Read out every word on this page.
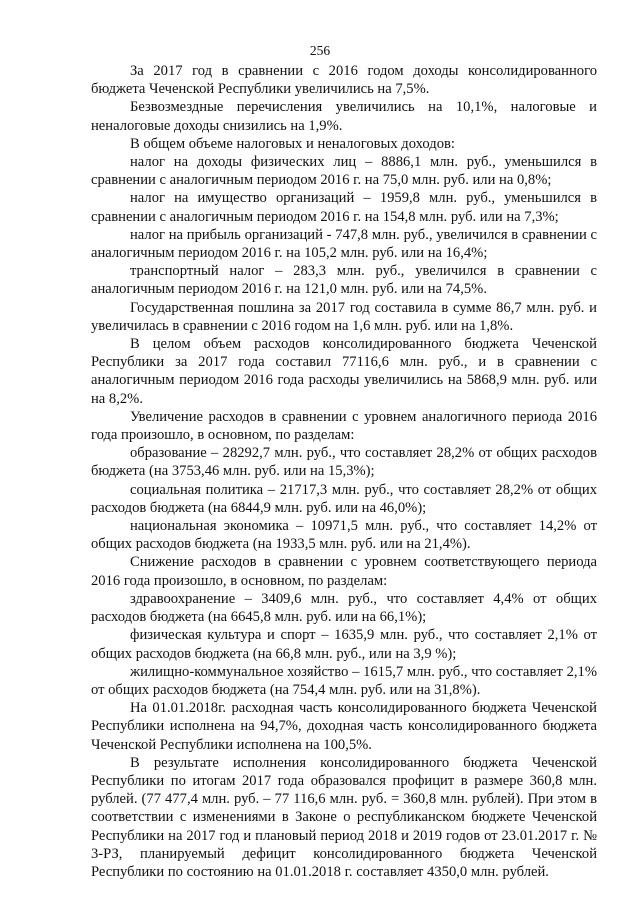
256

За 2017 год в сравнении с 2016 годом доходы консолидированного бюджета Чеченской Республики увеличились на 7,5%.

Безвозмездные перечисления увеличились на 10,1%, налоговые и неналоговые доходы снизились на 1,9%.

В общем объеме налоговых и неналоговых доходов:

налог на доходы физических лиц – 8886,1 млн. руб., уменьшился в сравнении с аналогичным периодом 2016 г. на 75,0 млн. руб. или на 0,8%;

налог на имущество организаций – 1959,8 млн. руб., уменьшился в сравнении с аналогичным периодом 2016 г. на 154,8 млн. руб. или на 7,3%;

налог на прибыль организаций - 747,8 млн. руб., увеличился в сравнении с аналогичным периодом 2016 г. на 105,2 млн. руб. или на 16,4%;

транспортный налог – 283,3 млн. руб., увеличился в сравнении с аналогичным периодом 2016 г. на 121,0 млн. руб. или на 74,5%.

Государственная пошлина за 2017 год составила в сумме 86,7 млн. руб. и увеличилась в сравнении с 2016 годом на 1,6 млн. руб. или на 1,8%.

В целом объем расходов консолидированного бюджета Чеченской Республики за 2017 года составил 77116,6 млн. руб., и в сравнении с аналогичным периодом 2016 года расходы увеличились на 5868,9 млн. руб. или на 8,2%.

Увеличение расходов в сравнении с уровнем аналогичного периода 2016 года произошло, в основном, по разделам:

образование – 28292,7 млн. руб., что составляет 28,2% от общих расходов бюджета (на 3753,46 млн. руб. или на 15,3%);

социальная политика – 21717,3 млн. руб., что составляет 28,2% от общих расходов бюджета (на 6844,9 млн. руб. или на 46,0%);

национальная экономика – 10971,5 млн. руб., что составляет 14,2% от общих расходов бюджета (на 1933,5 млн. руб. или на 21,4%).

Снижение расходов в сравнении с уровнем соответствующего периода 2016 года произошло, в основном, по разделам:

здравоохранение – 3409,6 млн. руб., что составляет 4,4% от общих расходов бюджета (на 6645,8 млн. руб. или на 66,1%);

физическая культура и спорт – 1635,9 млн. руб., что составляет 2,1% от общих расходов бюджета (на 66,8 млн. руб., или на 3,9 %);

жилищно-коммунальное хозяйство – 1615,7 млн. руб., что составляет 2,1% от общих расходов бюджета (на 754,4 млн. руб. или на 31,8%).

На 01.01.2018г. расходная часть консолидированного бюджета Чеченской Республики исполнена на 94,7%, доходная часть консолидированного бюджета Чеченской Республики исполнена на 100,5%.

В результате исполнения консолидированного бюджета Чеченской Республики по итогам 2017 года образовался профицит в размере 360,8 млн. рублей. (77 477,4 млн. руб. – 77 116,6 млн. руб. = 360,8 млн. рублей). При этом в соответствии с изменениями в Законе о республиканском бюджете Чеченской Республики на 2017 год и плановый период 2018 и 2019 годов от 23.01.2017 г. № 3-РЗ, планируемый дефицит консолидированного бюджета Чеченской Республики по состоянию на 01.01.2018 г. составляет 4350,0 млн. рублей.
